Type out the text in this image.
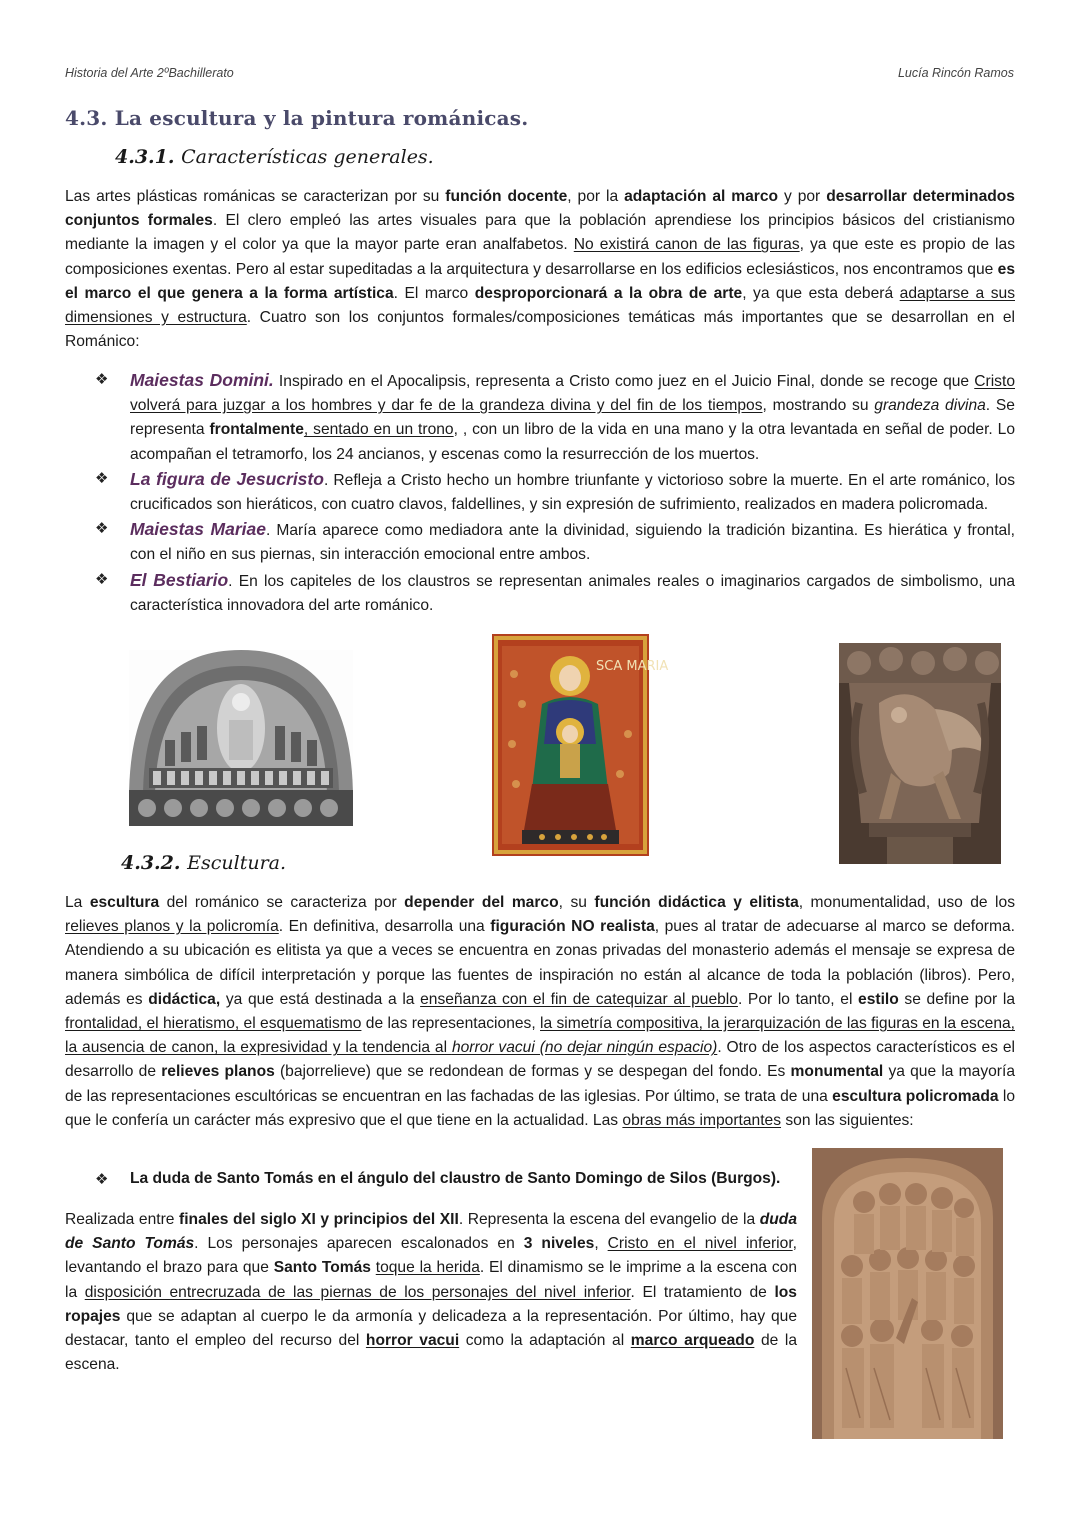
Historia del Arte 2ºBachillerato	Lucía Rincón Ramos
4.3. La escultura y la pintura románicas.
4.3.1. Características generales.

Las artes plásticas románicas se caracterizan por su función docente, por la adaptación al marco y por desarrollar determinados conjuntos formales. El clero empleó las artes visuales para que la población aprendiese los principios básicos del cristianismo mediante la imagen y el color ya que la mayor parte eran analfabetos. No existirá canon de las figuras, ya que este es propio de las composiciones exentas. Pero al estar supeditadas a la arquitectura y desarrollarse en los edificios eclesiásticos, nos encontramos que es el marco el que genera a la forma artística. El marco desproporcionará a la obra de arte, ya que esta deberá adaptarse a sus dimensiones y estructura. Cuatro son los conjuntos formales/composiciones temáticas más importantes que se desarrollan en el Románico:

❖ Maiestas Domini. Inspirado en el Apocalipsis, representa a Cristo como juez en el Juicio Final, donde se recoge que Cristo volverá para juzgar a los hombres y dar fe de la grandeza divina y del fin de los tiempos, mostrando su grandeza divina. Se representa frontalmente, sentado en un trono, , con un libro de la vida en una mano y la otra levantada en señal de poder. Lo acompañan el tetramorfo, los 24 ancianos, y escenas como la resurrección de los muertos.
❖ La figura de Jesucristo. Refleja a Cristo hecho un hombre triunfante y victorioso sobre la muerte. En el arte románico, los crucificados son hieráticos, con cuatro clavos, faldellines, y sin expresión de sufrimiento, realizados en madera policromada.
❖ Maiestas Mariae. María aparece como mediadora ante la divinidad, siguiendo la tradición bizantina. Es hierática y frontal, con el niño en sus piernas, sin interacción emocional entre ambos.
❖ El Bestiario. En los capiteles de los claustros se representan animales reales o imaginarios cargados de simbolismo, una característica innovadora del arte románico.
SCA MARIA
4.3.2. Escultura.

La escultura del románico se caracteriza por depender del marco, su función didáctica y elitista, monumentalidad, uso de los relieves planos y la policromía. En definitiva, desarrolla una figuración NO realista, pues al tratar de adecuarse al marco se deforma. Atendiendo a su ubicación es elitista ya que a veces se encuentra en zonas privadas del monasterio además el mensaje se expresa de manera simbólica de difícil interpretación y porque las fuentes de inspiración no están al alcance de toda la población (libros). Pero, además es didáctica, ya que está destinada a la enseñanza con el fin de catequizar al pueblo. Por lo tanto, el estilo se define por la frontalidad, el hieratismo, el esquematismo de las representaciones, la simetría compositiva, la jerarquización de las figuras en la escena, la ausencia de canon, la expresividad y la tendencia al horror vacui (no dejar ningún espacio). Otro de los aspectos característicos es el desarrollo de relieves planos (bajorrelieve) que se redondean de formas y se despegan del fondo. Es monumental ya que la mayoría de las representaciones escultóricas se encuentran en las fachadas de las iglesias. Por último, se trata de una escultura policromada lo que le confería un carácter más expresivo que el que tiene en la actualidad. Las obras más importantes son las siguientes:

❖ La duda de Santo Tomás en el ángulo del claustro de Santo Domingo de Silos (Burgos).

Realizada entre finales del siglo XI y principios del XII. Representa la escena del evangelio de la duda de Santo Tomás. Los personajes aparecen escalonados en 3 niveles, Cristo en el nivel inferior, levantando el brazo para que Santo Tomás toque la herida. El dinamismo se le imprime a la escena con la disposición entrecruzada de las piernas de los personajes del nivel inferior. El tratamiento de los ropajes que se adaptan al cuerpo le da armonía y delicadeza a la representación. Por último, hay que destacar, tanto el empleo del recurso del horror vacui como la adaptación al marco arqueado de la escena.
